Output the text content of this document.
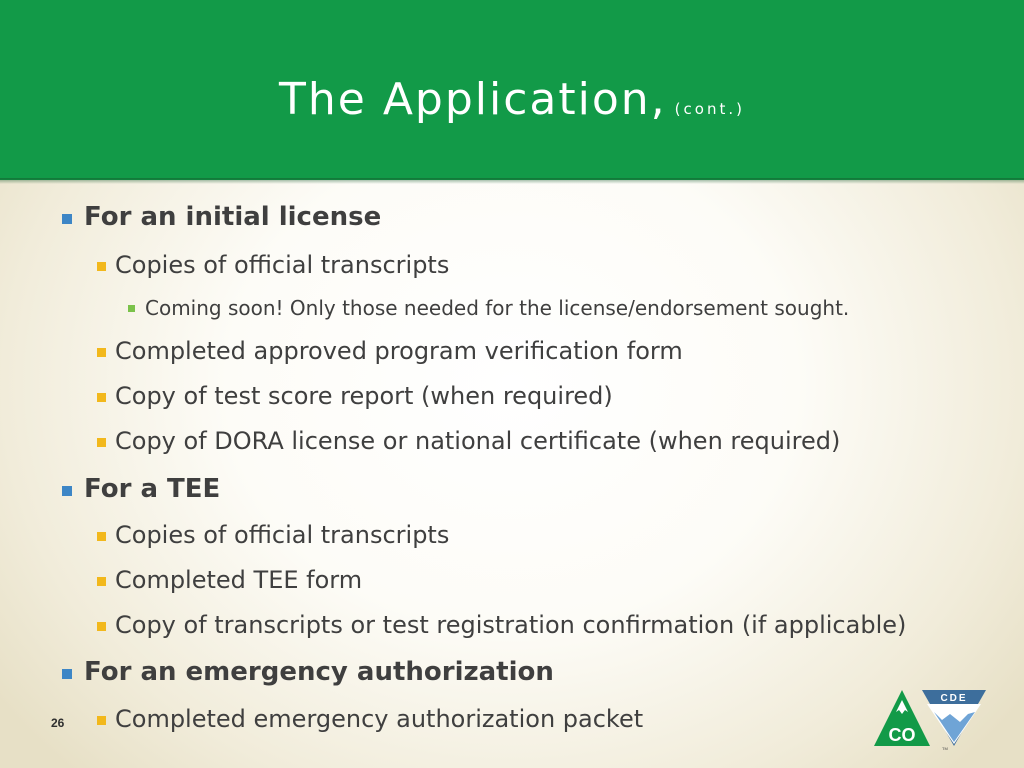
The Application, (cont.)
For an initial license
Copies of official transcripts
Coming soon! Only those needed for the license/endorsement sought.
Completed approved program verification form
Copy of test score report (when required)
Copy of DORA license or national certificate (when required)
For a TEE
Copies of official transcripts
Completed TEE form
Copy of transcripts or test registration confirmation (if applicable)
For an emergency authorization
Completed emergency authorization packet
26
CO
CDE
TM
